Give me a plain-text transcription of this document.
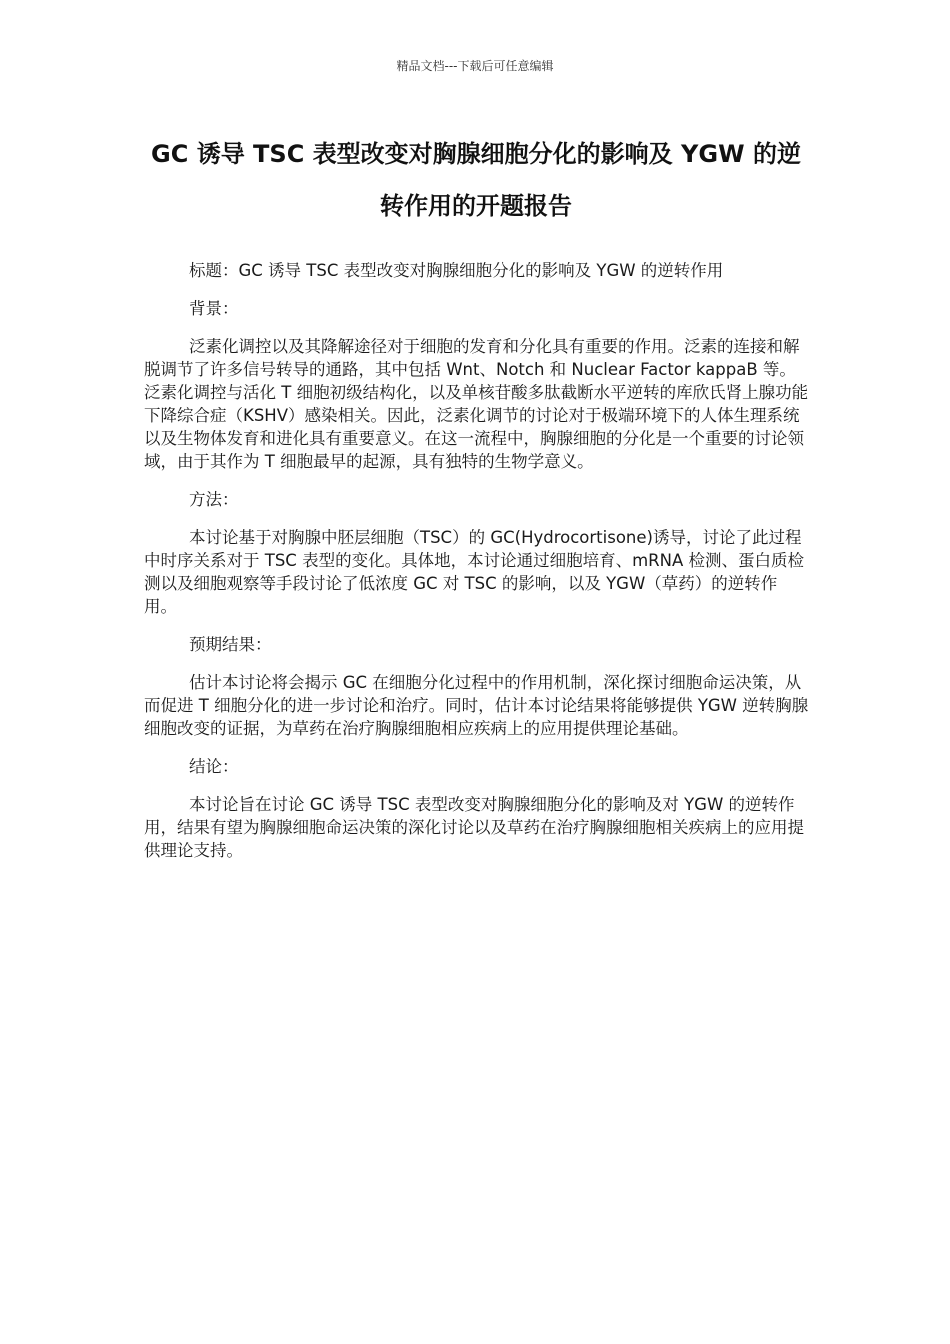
精品文档---下载后可任意编辑
GC 诱导 TSC 表型改变对胸腺细胞分化的影响及 YGW 的逆转作用的开题报告

标题：GC 诱导 TSC 表型改变对胸腺细胞分化的影响及 YGW 的逆转作用

背景：

泛素化调控以及其降解途径对于细胞的发育和分化具有重要的作用。泛素的连接和解脱调节了许多信号转导的通路，其中包括 Wnt、Notch 和 Nuclear Factor kappaB 等。泛素化调控与活化 T 细胞初级结构化，以及单核苷酸多肽截断水平逆转的库欣氏肾上腺功能下降综合症（KSHV）感染相关。因此，泛素化调节的讨论对于极端环境下的人体生理系统以及生物体发育和进化具有重要意义。在这一流程中，胸腺细胞的分化是一个重要的讨论领域，由于其作为 T 细胞最早的起源，具有独特的生物学意义。

方法：

本讨论基于对胸腺中胚层细胞（TSC）的 GC(Hydrocortisone)诱导，讨论了此过程中时序关系对于 TSC 表型的变化。具体地，本讨论通过细胞培育、mRNA 检测、蛋白质检测以及细胞观察等手段讨论了低浓度 GC 对 TSC 的影响，以及 YGW（草药）的逆转作用。

预期结果：

估计本讨论将会揭示 GC 在细胞分化过程中的作用机制，深化探讨细胞命运决策，从而促进 T 细胞分化的进一步讨论和治疗。同时，估计本讨论结果将能够提供 YGW 逆转胸腺细胞改变的证据，为草药在治疗胸腺细胞相应疾病上的应用提供理论基础。

结论：

本讨论旨在讨论 GC 诱导 TSC 表型改变对胸腺细胞分化的影响及对 YGW 的逆转作用，结果有望为胸腺细胞命运决策的深化讨论以及草药在治疗胸腺细胞相关疾病上的应用提供理论支持。
